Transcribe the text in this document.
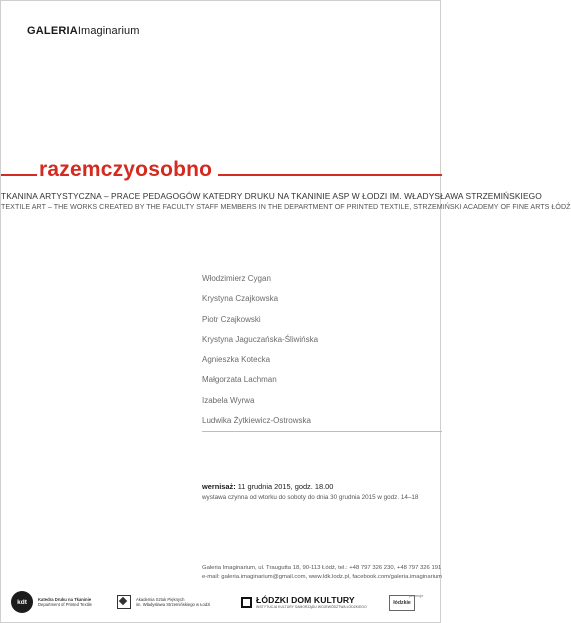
GALERIAImaginarium
razemczyosobno
TKANINA ARTYSTYCZNA – PRACE PEDAGOGÓW KATEDRY DRUKU NA TKANINIE ASP W ŁODZI IM. WŁADYSŁAWA STRZEMIŃSKIEGO
TEXTILE ART – THE WORKS CREATED BY THE FACULTY STAFF MEMBERS IN THE DEPARTMENT OF PRINTED TEXTILE, STRZEMIŃSKI ACADEMY OF FINE ARTS ŁÓDŹ
Włodzimierz Cygan
Krystyna Czajkowska
Piotr Czajkowski
Krystyna Jaguczańska-Śliwińska
Agnieszka Kotecka
Małgorzata Lachman
Izabela Wyrwa
Ludwika Żytkiewicz-Ostrowska
wernisaż: 11 grudnia 2015, godz. 18.00
wystawa czynna od wtorku do soboty do dnia 30 grudnia 2015 w godz. 14–18
Galeria Imaginarium, ul. Traugutta 18, 90-113 Łódź, tel.: +48 797 326 230, +48 797 326 191
e-mail: galeria.imaginarium@gmail.com, www.ldk.lodz.pl, facebook.com/galeria.imaginarium
kdt	Katedra Druku na Tkaninie
Department of Printed Textile
Akademia Sztuk Pięknych
im. Władysława Strzemińskiego w Łodzi	ŁÓDZKI DOM KULTURY
INSTYTUCJA KULTURY SAMORZĄDU WOJEWÓDZTWA ŁÓDZKIEGO
łódzkie
promuje
